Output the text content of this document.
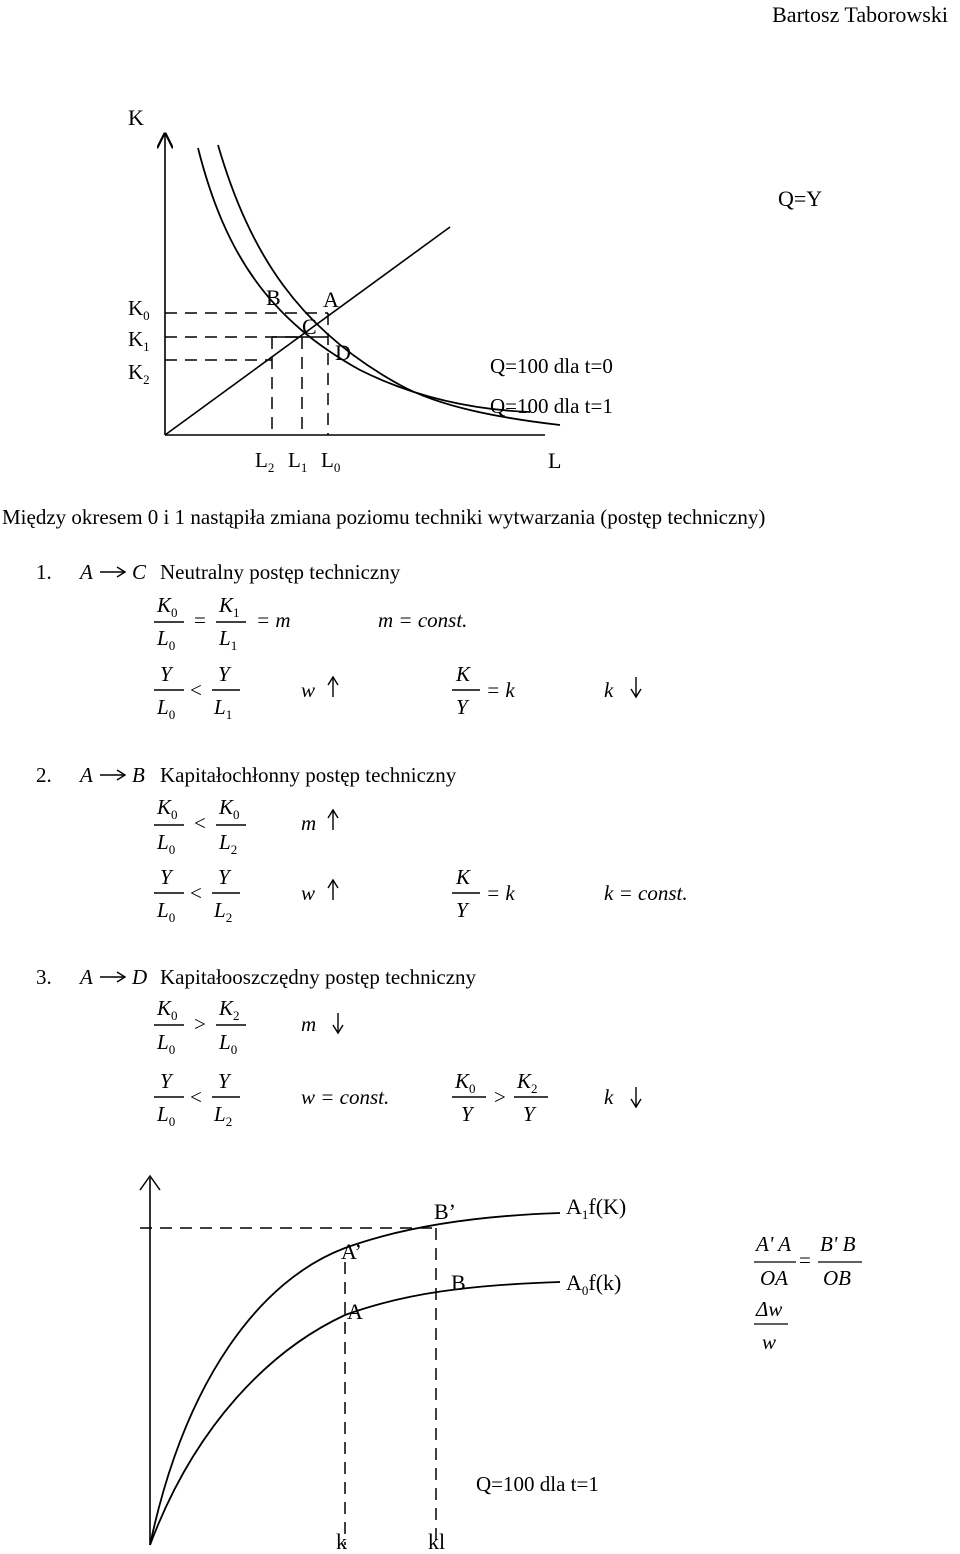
Bartosz Taborowski
K
L
Q=Y
$K_0$
$K_1$
$K_2$
B A
C
D
Q=100 dla t=0
Q=100 dla t=1
$L_2$ $L_1$ $L_0$
Między okresem 0 i 1 nastąpiła zmiana poziomu techniki wytwarzania (postęp techniczny)
1. A C Neutralny postęp techniczny
$K_0$
$L_0$
=
$K_1$
$L_1$
= m	m = const.
Y
$L_0$
<
Y
$L_1$
w
K
Y
= k	k
2. A B Kapitałochłonny postęp techniczny
$K_0$
$L_0$
<
$K_0$
$L_2$
m
Y
$L_0$
<
Y
$L_2$
w
K
Y
= k	k = const.
3. A D Kapitałooszczędny postęp techniczny
$K_0$
$L_0$
>
$K_2$
$L_0$
m
Y
$L_0$
<
Y
$L_2$
w = const.
$K_0$
Y
>
$K_2$
Y
k
B’
A’
A
B
$A_1f(K)$
$A_0f(k)$
A' A
OA
=
B' B
OB
Δw
w
Q=100 dla t=1
k	kl
